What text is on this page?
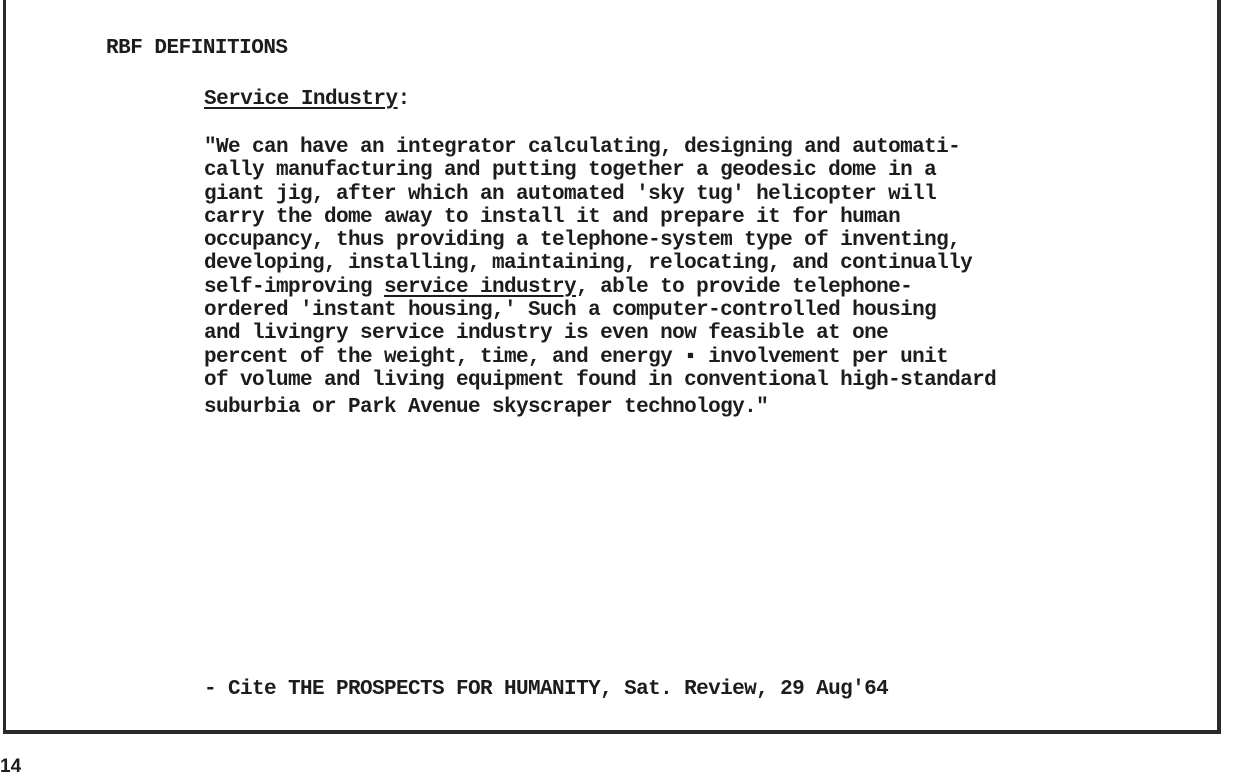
RBF DEFINITIONS
Service Industry:
"We can have an integrator calculating, designing and automati-
cally manufacturing and putting together a geodesic dome in a
giant jig, after which an automated 'sky tug' helicopter will
carry the dome away to install it and prepare it for human
occupancy, thus providing a telephone-system type of inventing,
developing, installing, maintaining, relocating, and continually
self-improving service industry, able to provide telephone-
ordered 'instant housing,' Such a computer-controlled housing
and livingry service industry is even now feasible at one
percent of the weight, time, and energy ▪ involvement per unit
of volume and living equipment found in conventional high-standard
suburbia or Park Avenue skyscraper technology."
- Cite THE PROSPECTS FOR HUMANITY, Sat. Review, 29 Aug'64
14
